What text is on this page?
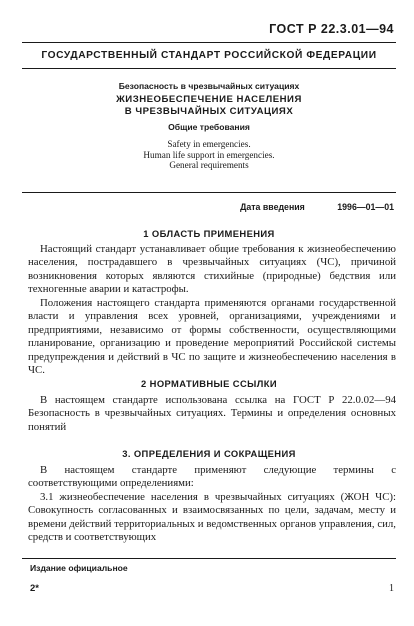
ГОСТ Р 22.3.01—94
ГОСУДАРСТВЕННЫЙ СТАНДАРТ РОССИЙСКОЙ ФЕДЕРАЦИИ
Безопасность в чрезвычайных ситуациях
ЖИЗНЕОБЕСПЕЧЕНИЕ НАСЕЛЕНИЯ
В ЧРЕЗВЫЧАЙНЫХ СИТУАЦИЯХ
Общие требования
Safety in emergencies.
Human life support in emergencies.
General requirements
Дата введения	1996—01—01
1 ОБЛАСТЬ ПРИМЕНЕНИЯ

Настоящий стандарт устанавливает общие требования к жизнеобеспечению населения, пострадавшего в чрезвычайных ситуациях (ЧС), причиной возникновения которых являются стихийные (природные) бедствия или техногенные аварии и катастрофы.

Положения настоящего стандарта применяются органами государственной власти и управления всех уровней, организациями, учреждениями и предприятиями, независимо от формы собственности, осуществляющими планирование, организацию и проведение мероприятий Российской системы предупреждения и действий в ЧС по защите и жизнеобеспечению населения в ЧС.

2 НОРМАТИВНЫЕ ССЫЛКИ

В настоящем стандарте использована ссылка на ГОСТ Р 22.0.02—94 Безопасность в чрезвычайных ситуациях. Термины и определения основных понятий

3. ОПРЕДЕЛЕНИЯ И СОКРАЩЕНИЯ

В настоящем стандарте применяют следующие термины с соответствующими определениями:

3.1 жизнеобеспечение населения в чрезвычайных ситуациях (ЖОН ЧС): Совокупность согласованных и взаимосвязанных по цели, задачам, месту и времени действий территориальных и ведомственных органов управления, сил, средств и соответствующих

Издание официальное
2*	1
